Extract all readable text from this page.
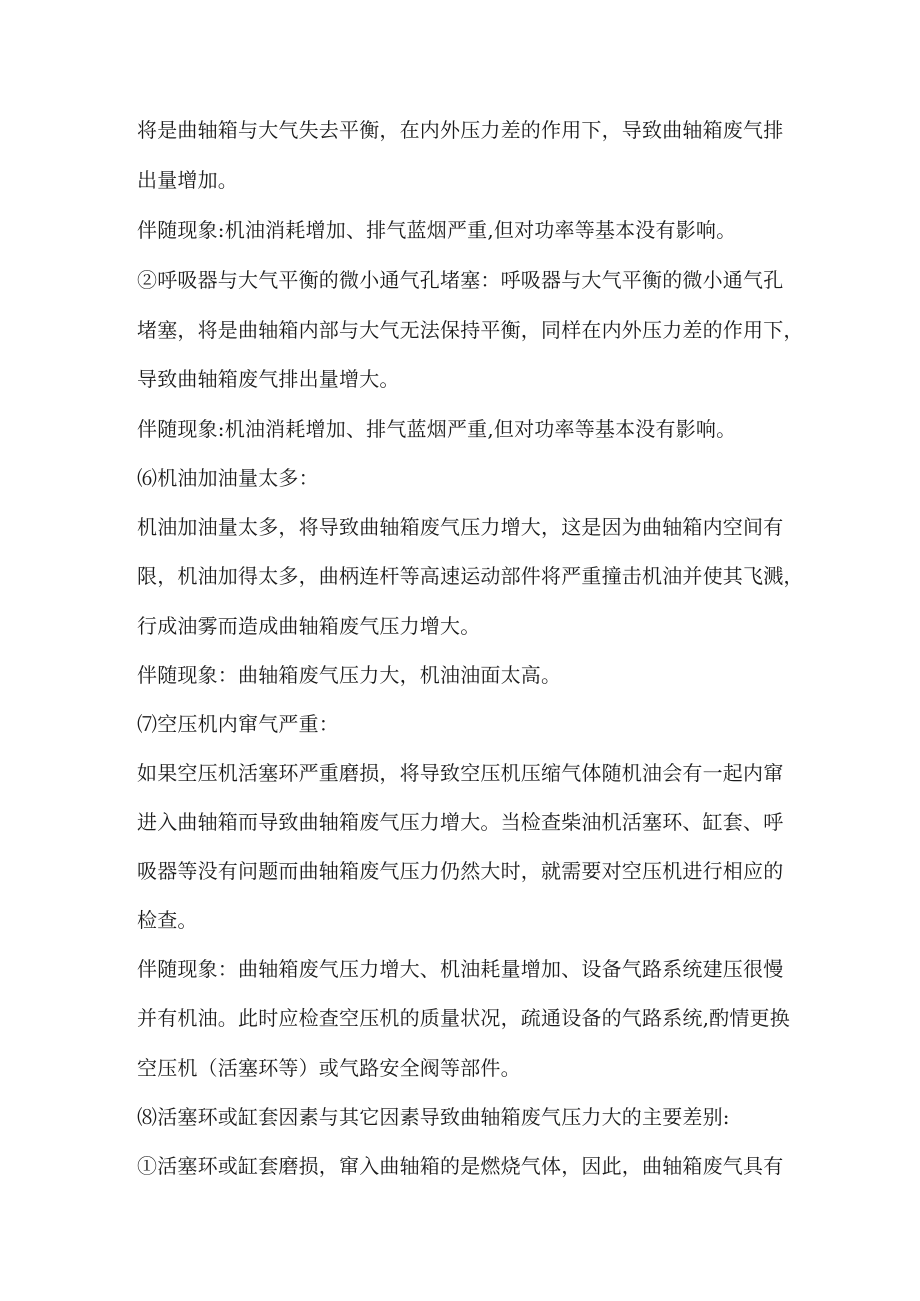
将是曲轴箱与大气失去平衡，在内外压力差的作用下，导致曲轴箱废气排
出量增加。
伴随现象:机油消耗增加、排气蓝烟严重,但对功率等基本没有影响。
②呼吸器与大气平衡的微小通气孔堵塞：呼吸器与大气平衡的微小通气孔
堵塞，将是曲轴箱内部与大气无法保持平衡，同样在内外压力差的作用下，
导致曲轴箱废气排出量增大。
伴随现象:机油消耗增加、排气蓝烟严重,但对功率等基本没有影响。
⑹机油加油量太多：
机油加油量太多，将导致曲轴箱废气压力增大，这是因为曲轴箱内空间有
限，机油加得太多，曲柄连杆等高速运动部件将严重撞击机油并使其飞溅，
行成油雾而造成曲轴箱废气压力增大。
伴随现象：曲轴箱废气压力大，机油油面太高。
⑺空压机内窜气严重：
如果空压机活塞环严重磨损，将导致空压机压缩气体随机油会有一起内窜
进入曲轴箱而导致曲轴箱废气压力增大。当检查柴油机活塞环、缸套、呼
吸器等没有问题而曲轴箱废气压力仍然大时，就需要对空压机进行相应的
检查。
伴随现象：曲轴箱废气压力增大、机油耗量增加、设备气路系统建压很慢
并有机油。此时应检查空压机的质量状况，疏通设备的气路系统,酌情更换
空压机（活塞环等）或气路安全阀等部件。
⑻活塞环或缸套因素与其它因素导致曲轴箱废气压力大的主要差别:
①活塞环或缸套磨损，窜入曲轴箱的是燃烧气体，因此，曲轴箱废气具有
